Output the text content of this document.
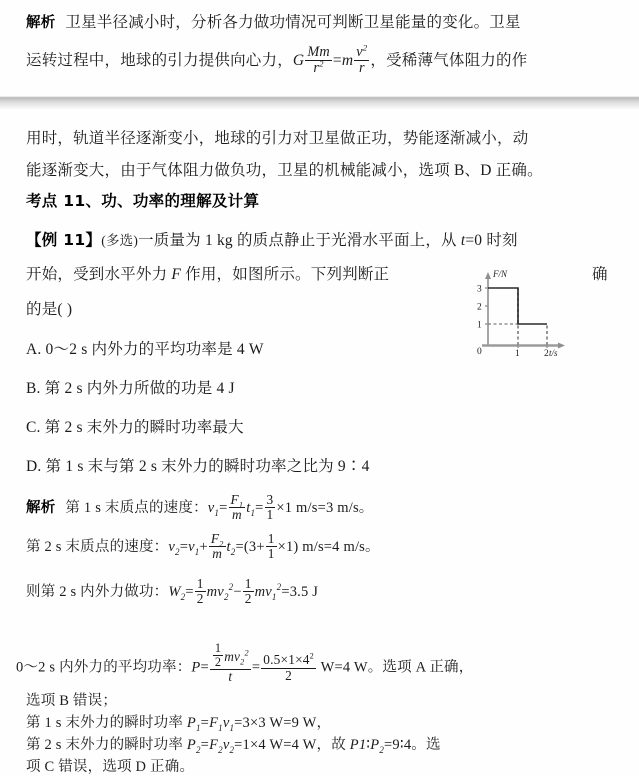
解析 卫星半径减小时，分析各力做功情况可判断卫星能量的变化。卫星
运转过程中，地球的引力提供向心力，G $\frac{Mm}{r^2} =m \frac{v^2}{r}$ ，受稀薄气体阻力的作
用时，轨道半径逐渐变小，地球的引力对卫星做正功，势能逐渐减小，动
能逐渐变大，由于气体阻力做负功，卫星的机械能减小，选项 B、D 正确。
考点 11、功、功率的理解及计算
【例 11】(多选)一质量为 1 kg 的质点静止于光滑水平面上，从 t=0 时刻
开始，受到水平外力 F 作用，如图所示。下列判断正	确
的是( )
F/N
t/s
3
2
1
0	1	2
A. 0～2 s 内外力的平均功率是 4 W
B. 第 2 s 内外力所做的功是 4 J
C. 第 2 s 末外力的瞬时功率最大
D. 第 1 s 末与第 2 s 末外力的瞬时功率之比为 9∶4
解析 第 1 s 末质点的速度：$v_1= \frac{F_1}{m} t_1= \frac{3}{1} \times 1$ m/s=3 m/s。
第 2 s 末质点的速度：$v_2=v_1+ \frac{F_2}{m} t_2=(3+ \frac{1}{1} \times 1)$ m/s=4 m/s。
则第 2 s 内外力做功：$W_2= \frac{1}{2} mv_2^2- \frac{1}{2} mv_1^2=3.5$ J
0～2 s 内外力的平均功率：$P= \frac{\frac{1}{2} mv_2^2}{t} = \frac{0.5\times 1\times 4^2}{2} W=4$ W。选项 A 正确，
选项 B 错误；
第 1 s 末外力的瞬时功率 $P_1=F_1v_1=3\times 3$ W=9 W，
第 2 s 末外力的瞬时功率 $P_2=F_2v_2=1\times 4$ W=4 W，故 $P1∶P_2=9∶4$。选
项 C 错误，选项 D 正确。
